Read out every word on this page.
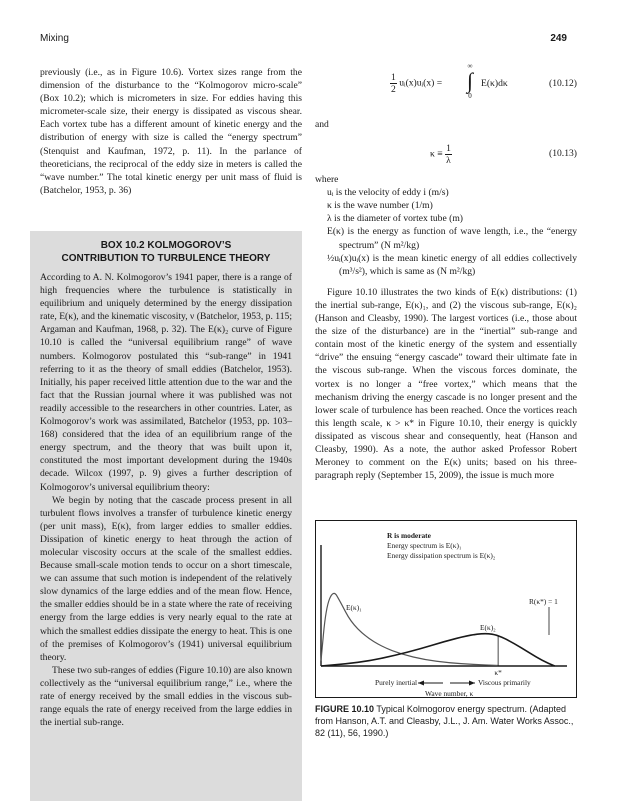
Mixing	249

previously (i.e., as in Figure 10.6). Vortex sizes range from the dimension of the disturbance to the “Kolmogorov micro-scale” (Box 10.2); which is micrometers in size. For eddies having this micrometer-scale size, their energy is dissipated as viscous shear. Each vortex tube has a different amount of kinetic energy and the distribution of energy with size is called the “energy spectrum” (Stenquist and Kaufman, 1972, p. 11). In the parlance of theoreticians, the reciprocal of the eddy size in meters is called the “wave number.” The total kinetic energy per unit mass of fluid is (Batchelor, 1953, p. 36)

BOX 10.2 KOLMOGOROV’S
CONTRIBUTION TO TURBULENCE THEORY

According to A. N. Kolmogorov’s 1941 paper, there is a range of high frequencies where the turbulence is statistically in equilibrium and uniquely determined by the energy dissipation rate, E(κ), and the kinematic viscosity, ν (Batchelor, 1953, p. 115; Argaman and Kaufman, 1968, p. 32). The E(κ)₂ curve of Figure 10.10 is called the “universal equilibrium range” of wave numbers. Kolmogorov postulated this “sub-range” in 1941 referring to it as the theory of small eddies (Batchelor, 1953). Initially, his paper received little attention due to the war and the fact that the Russian journal where it was published was not readily accessible to the researchers in other countries. Later, as Kolmogorov’s work was assimilated, Batchelor (1953, pp. 103–168) considered that the idea of an equilibrium range of the energy spectrum, and the theory that was built upon it, constituted the most important development during the 1940s decade. Wilcox (1997, p. 9) gives a further description of Kolmogorov’s universal equilibrium theory:

We begin by noting that the cascade process present in all turbulent flows involves a transfer of turbulence kinetic energy (per unit mass), E(κ), from larger eddies to smaller eddies. Dissipation of kinetic energy to heat through the action of molecular viscosity occurs at the scale of the smallest eddies. Because small-scale motion tends to occur on a short timescale, we can assume that such motion is independent of the relatively slow dynamics of the large eddies and of the mean flow. Hence, the smaller eddies should be in a state where the rate of receiving energy from the large eddies is very nearly equal to the rate at which the smallest eddies dissipate the energy to heat. This is one of the premises of Kolmogorov’s (1941) universal equilibrium theory.

These two sub-ranges of eddies (Figure 10.10) are also known collectively as the “universal equilibrium range,” i.e., where the rate of energy received by the small eddies in the viscous sub-range equals the rate of energy received from the large eddies in the inertial sub-range.

$\frac{1}{2}$ uᵢ(x)uᵢ(x) =
∞
∫
0
E(κ)dκ	(10.12)
and
$\kappa \equiv \frac{1}{\lambda}$	(10.13)

where

uᵢ is the velocity of eddy i (m/s)

κ is the wave number (1/m)

λ is the diameter of vortex tube (m)

E(κ) is the energy as function of wave length, i.e., the “energy spectrum” (N m²/kg)

½uᵢ(x)uᵢ(x) is the mean kinetic energy of all eddies collectively (m³/s²), which is same as (N m²/kg)

Figure 10.10 illustrates the two kinds of E(κ) distributions: (1) the inertial sub-range, E(κ)₁, and (2) the viscous sub-range, E(κ)₂ (Hanson and Cleasby, 1990). The largest vortices (i.e., those about the size of the disturbance) are in the “inertial” sub-range and contain most of the kinetic energy of the system and essentially “drive” the ensuing “energy cascade” toward their ultimate fate in the viscous sub-range. When the viscous forces dominate, the vortex is no longer a “free vortex,” which means that the mechanism driving the energy cascade is no longer present and the lower scale of turbulence has been reached. Once the vortices reach this length scale, κ > κ* in Figure 10.10, their energy is quickly dissipated as viscous shear and consequently, heat (Hanson and Cleasby, 1990). As a note, the author asked Professor Robert Meroney to comment on the E(κ) units; based on his three-paragraph reply (September 15, 2009), the issue is much more

R is moderate
Energy spectrum is E(κ)₁
Energy dissipation spectrum is E(κ)₂
κ*
R(κ*) = 1
E(κ)₁
E(κ)₂
Purely inertial	Viscous primarily
Wave number, κ
FIGURE 10.10 Typical Kolmogorov energy spectrum. (Adapted from Hanson, A.T. and Cleasby, J.L., J. Am. Water Works Assoc., 82 (11), 56, 1990.)
